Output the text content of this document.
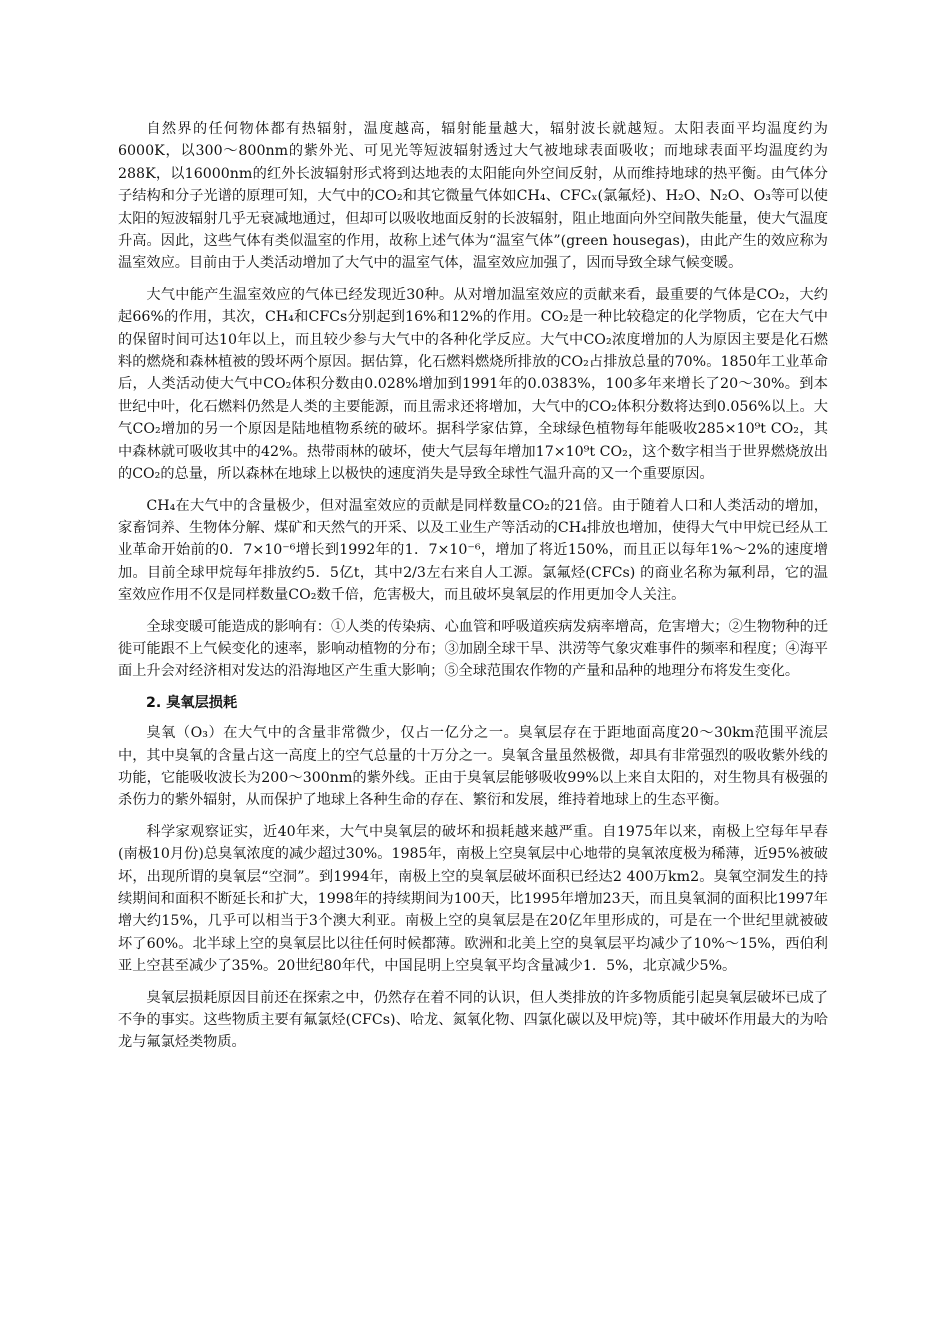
自然界的任何物体都有热辐射，温度越高，辐射能量越大，辐射波长就越短。太阳表面平均温度约为6000K，以300～800nm的紫外光、可见光等短波辐射透过大气被地球表面吸收；而地球表面平均温度约为288K，以16000nm的红外长波辐射形式将到达地表的太阳能向外空间反射，从而维持地球的热平衡。由气体分子结构和分子光谱的原理可知，大气中的CO₂和其它微量气体如CH₄、CFCₓ(氯氟烃)、H₂O、N₂O、O₃等可以使太阳的短波辐射几乎无衰减地通过，但却可以吸收地面反射的长波辐射，阻止地面向外空间散失能量，使大气温度升高。因此，这些气体有类似温室的作用，故称上述气体为“温室气体”(green housegas)，由此产生的效应称为温室效应。目前由于人类活动增加了大气中的温室气体，温室效应加强了，因而导致全球气候变暖。

大气中能产生温室效应的气体已经发现近30种。从对增加温室效应的贡献来看，最重要的气体是CO₂，大约起66%的作用，其次，CH₄和CFCs分别起到16%和12%的作用。CO₂是一种比较稳定的化学物质，它在大气中的保留时间可达10年以上，而且较少参与大气中的各种化学反应。大气中CO₂浓度增加的人为原因主要是化石燃料的燃烧和森林植被的毁坏两个原因。据估算，化石燃料燃烧所排放的CO₂占排放总量的70%。1850年工业革命后，人类活动使大气中CO₂体积分数由0.028%增加到1991年的0.0383%，100多年来增长了20～30%。到本世纪中叶，化石燃料仍然是人类的主要能源，而且需求还将增加，大气中的CO₂体积分数将达到0.056%以上。大气CO₂增加的另一个原因是陆地植物系统的破坏。据科学家估算，全球绿色植物每年能吸收285×10⁹t CO₂，其中森林就可吸收其中的42%。热带雨林的破坏，使大气层每年增加17×10⁹t CO₂，这个数字相当于世界燃烧放出的CO₂的总量，所以森林在地球上以极快的速度消失是导致全球性气温升高的又一个重要原因。

CH₄在大气中的含量极少，但对温室效应的贡献是同样数量CO₂的21倍。由于随着人口和人类活动的增加，家畜饲养、生物体分解、煤矿和天然气的开采、以及工业生产等活动的CH₄排放也增加，使得大气中甲烷已经从工业革命开始前的0．7×10⁻⁶增长到1992年的1．7×10⁻⁶，增加了将近150%，而且正以每年1%～2%的速度增加。目前全球甲烷每年排放约5．5亿t，其中2/3左右来自人工源。氯氟烃(CFCs) 的商业名称为氟利昂，它的温室效应作用不仅是同样数量CO₂数千倍，危害极大，而且破坏臭氧层的作用更加令人关注。

全球变暖可能造成的影响有：①人类的传染病、心血管和呼吸道疾病发病率增高，危害增大；②生物物种的迁徙可能跟不上气候变化的速率，影响动植物的分布；③加剧全球干旱、洪涝等气象灾难事件的频率和程度；④海平面上升会对经济相对发达的沿海地区产生重大影响；⑤全球范围农作物的产量和品种的地理分布将发生变化。

2. 臭氧层损耗

臭氧（O₃）在大气中的含量非常微少，仅占一亿分之一。臭氧层存在于距地面高度20～30km范围平流层中，其中臭氧的含量占这一高度上的空气总量的十万分之一。臭氧含量虽然极微，却具有非常强烈的吸收紫外线的功能，它能吸收波长为200～300nm的紫外线。正由于臭氧层能够吸收99%以上来自太阳的，对生物具有极强的杀伤力的紫外辐射，从而保护了地球上各种生命的存在、繁衍和发展，维持着地球上的生态平衡。

科学家观察证实，近40年来，大气中臭氧层的破坏和损耗越来越严重。自1975年以来，南极上空每年早春(南极10月份)总臭氧浓度的减少超过30%。1985年，南极上空臭氧层中心地带的臭氧浓度极为稀薄，近95%被破坏，出现所谓的臭氧层“空洞”。到1994年，南极上空的臭氧层破坏面积已经达2 400万km2。臭氧空洞发生的持续期间和面积不断延长和扩大，1998年的持续期间为100天，比1995年增加23天，而且臭氧洞的面积比1997年增大约15%，几乎可以相当于3个澳大利亚。南极上空的臭氧层是在20亿年里形成的，可是在一个世纪里就被破坏了60%。北半球上空的臭氧层比以往任何时候都薄。欧洲和北美上空的臭氧层平均减少了10%～15%，西伯利亚上空甚至减少了35%。20世纪80年代，中国昆明上空臭氧平均含量减少1．5%，北京减少5%。

臭氧层损耗原因目前还在探索之中，仍然存在着不同的认识，但人类排放的许多物质能引起臭氧层破坏已成了不争的事实。这些物质主要有氟氯烃(CFCs)、哈龙、氮氧化物、四氯化碳以及甲烷)等，其中破坏作用最大的为哈龙与氟氯烃类物质。
